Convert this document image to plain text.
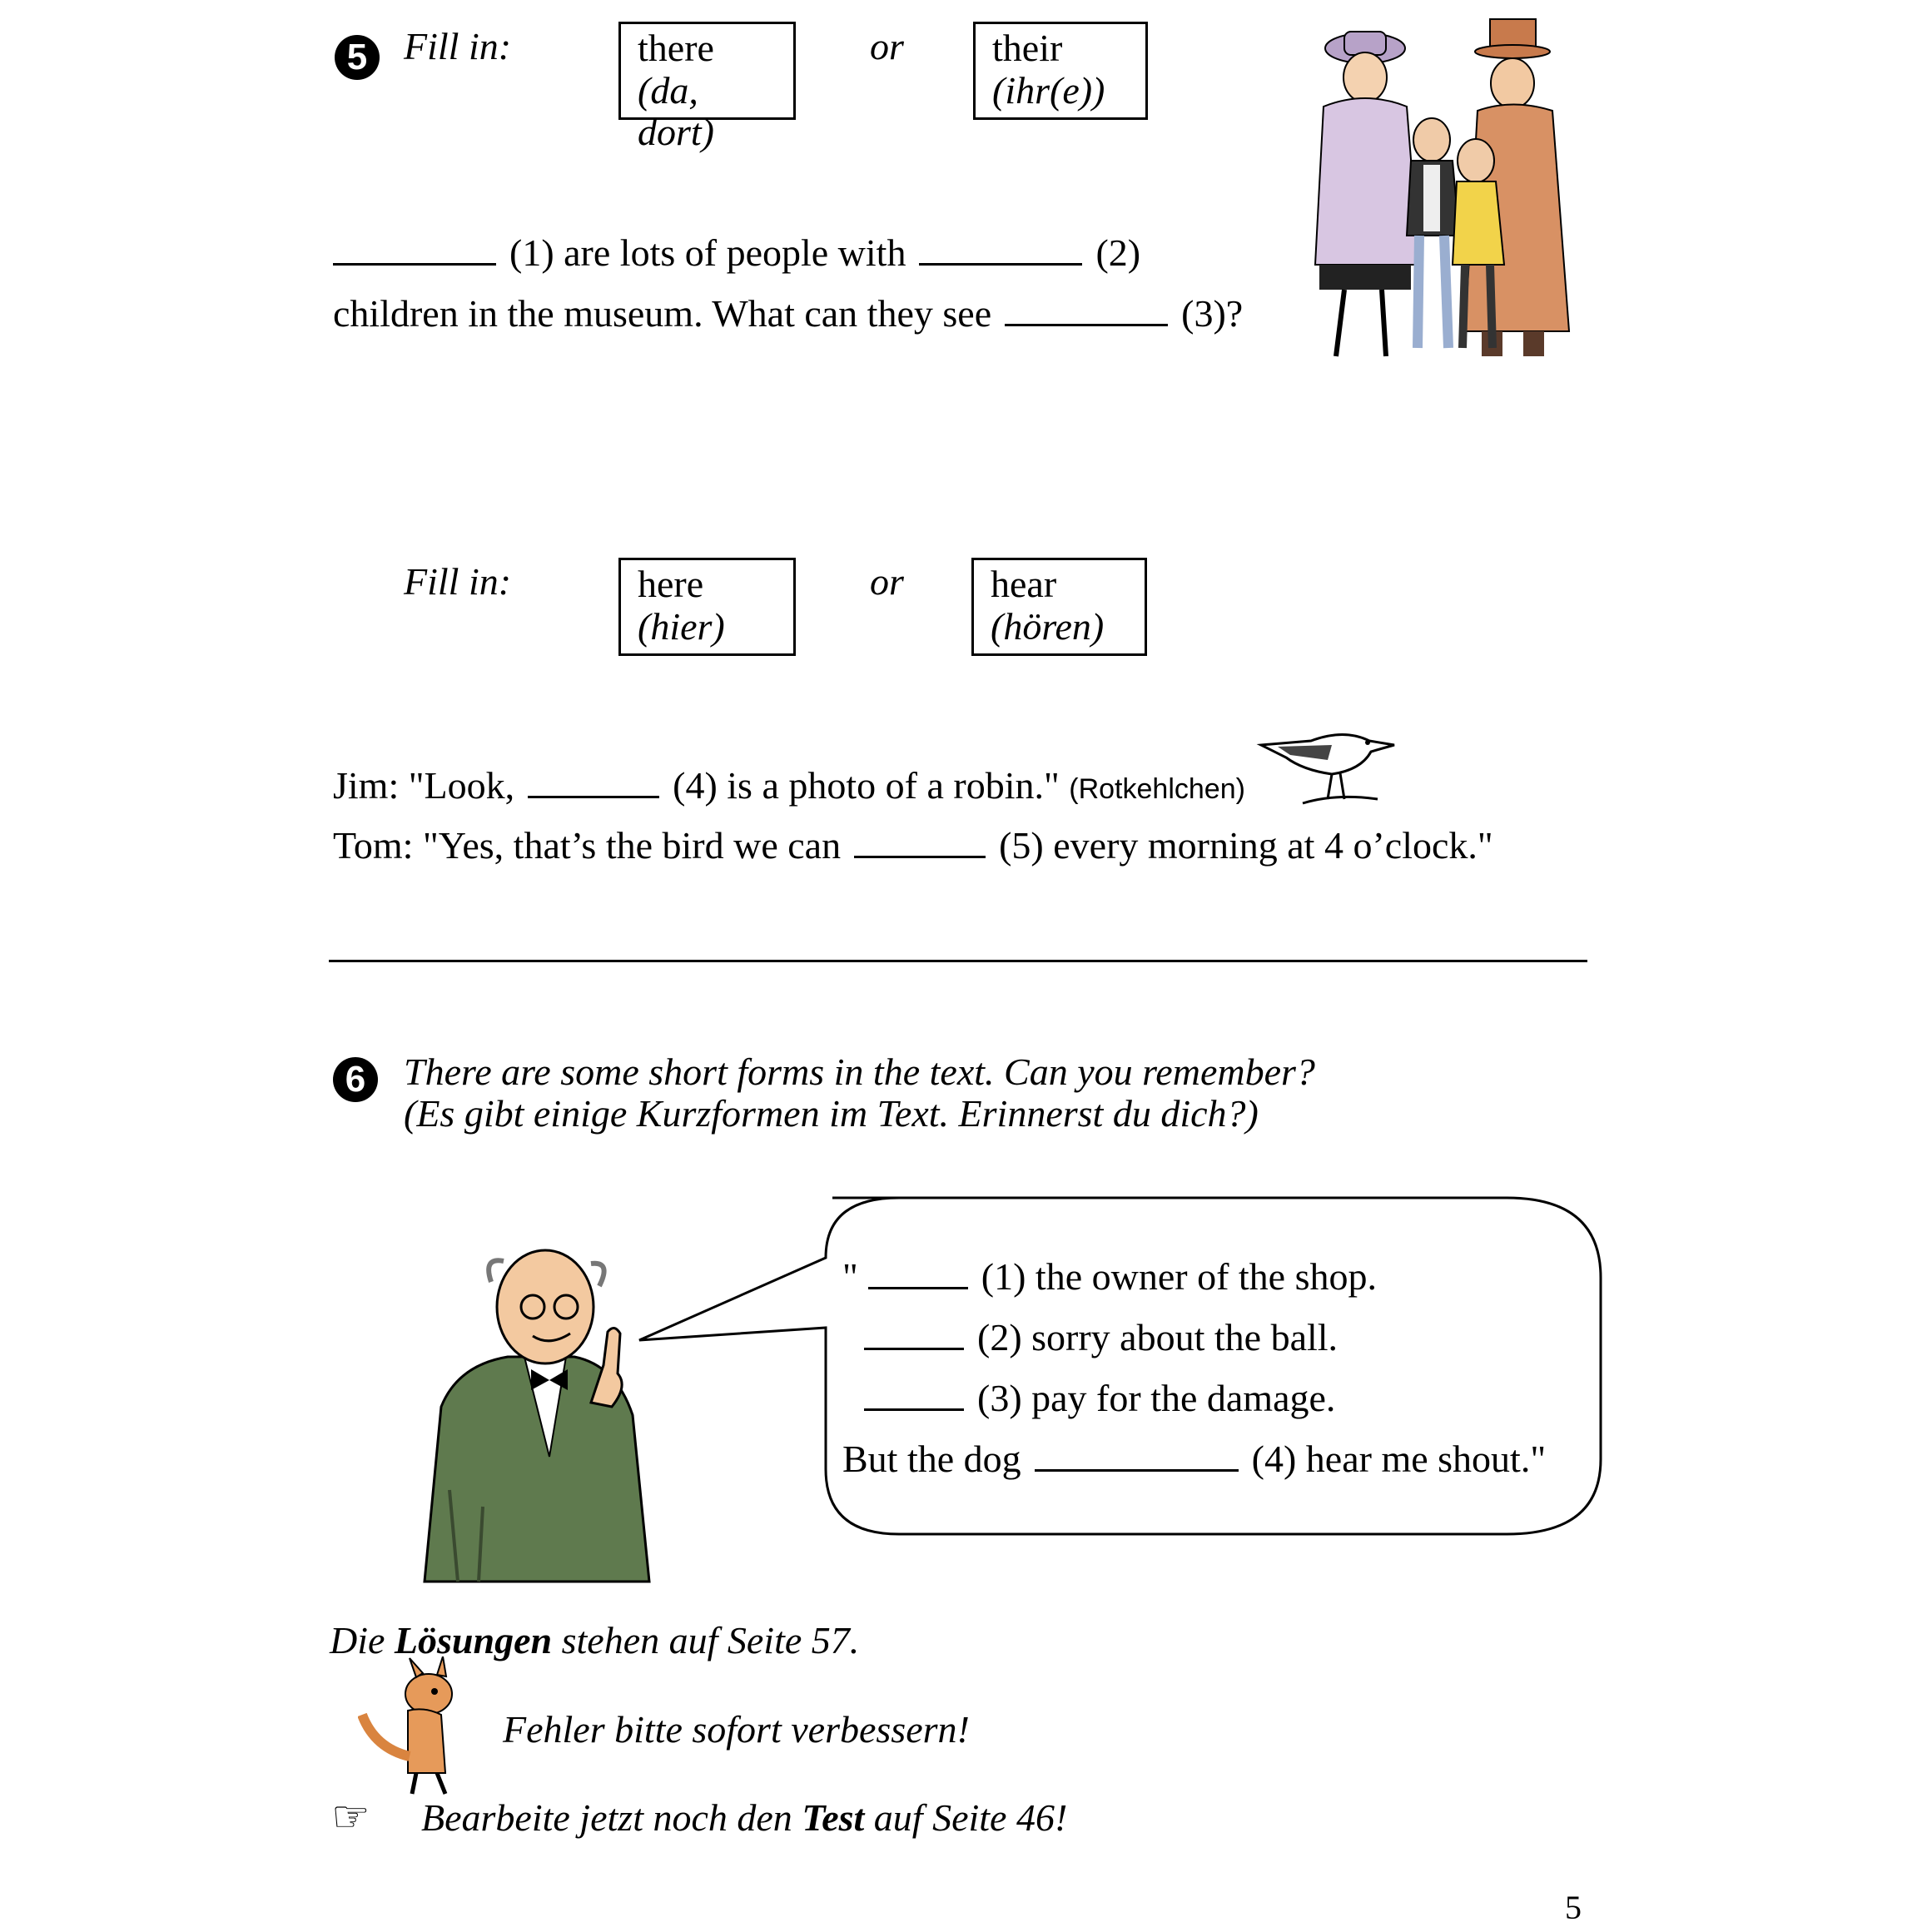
5 Fill in:	there
(da, dort)
or their
(ihr(e))
(1) are lots of people with	(2)
children in the museum. What can they see	(3)?
Fill in:	here
(hier)
or hear
(hören)
Jim: "Look,	(4) is a photo of a robin." (Rotkehlchen)
Tom: "Yes, that’s the bird we can	(5) every morning at 4 o’clock."
6 There are some short forms in the text. Can you remember?
(Es gibt einige Kurzformen im Text. Erinnerst du dich?)
"	(1) the owner of the shop.
(2) sorry about the ball.
(3) pay for the damage.
But the dog	(4) hear me shout."
Die Lösungen stehen auf Seite 57.
Fehler bitte sofort verbessern!
☞ Bearbeite jetzt noch den Test auf Seite 46!
5
